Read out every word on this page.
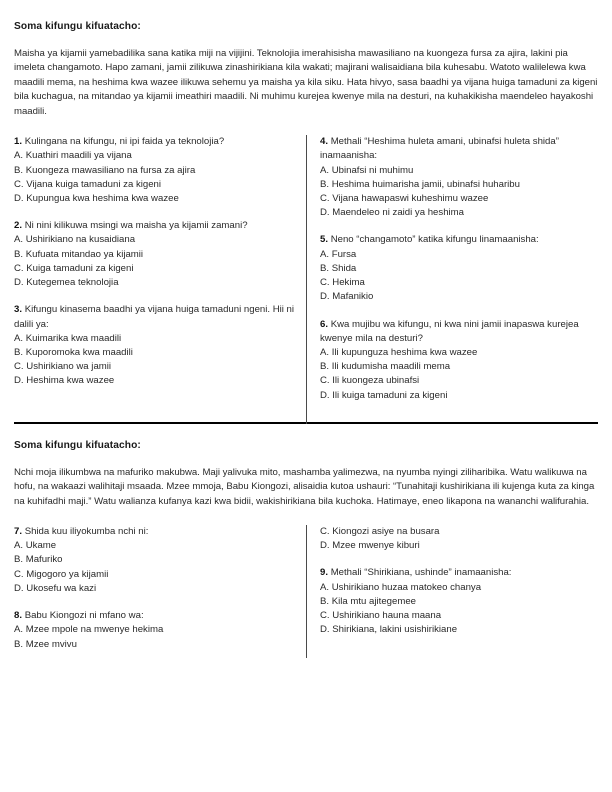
Soma kifungu kifuatacho:

Maisha ya kijamii yamebadilika sana katika miji na vijijini. Teknolojia imerahisisha mawasiliano na kuongeza fursa za ajira, lakini pia imeleta changamoto. Hapo zamani, jamii zilikuwa zinashirikiana kila wakati; majirani walisaidiana bila kuhesabu. Watoto walilelewa kwa maadili mema, na heshima kwa wazee ilikuwa sehemu ya maisha ya kila siku. Hata hivyo, sasa baadhi ya vijana huiga tamaduni za kigeni bila kuchagua, na mitandao ya kijamii imeathiri maadili. Ni muhimu kurejea kwenye mila na desturi, na kuhakikisha maendeleo hayakoshi maadili.

1. Kulingana na kifungu, ni ipi faida ya teknolojia?

A. Kuathiri maadili ya vijana

B. Kuongeza mawasiliano na fursa za ajira

C. Vijana kuiga tamaduni za kigeni

D. Kupungua kwa heshima kwa wazee

2. Ni nini kilikuwa msingi wa maisha ya kijamii zamani?

A. Ushirikiano na kusaidiana

B. Kufuata mitandao ya kijamii

C. Kuiga tamaduni za kigeni

D. Kutegemea teknolojia

3. Kifungu kinasema baadhi ya vijana huiga tamaduni ngeni. Hii ni dalili ya:

A. Kuimarika kwa maadili

B. Kuporomoka kwa maadili

C. Ushirikiano wa jamii

D. Heshima kwa wazee

4. Methali “Heshima huleta amani, ubinafsi huleta shida” inamaanisha:

A. Ubinafsi ni muhimu

B. Heshima huimarisha jamii, ubinafsi huharibu

C. Vijana hawapaswi kuheshimu wazee

D. Maendeleo ni zaidi ya heshima

5. Neno “changamoto” katika kifungu linamaanisha:

A. Fursa

B. Shida

C. Hekima

D. Mafanikio

6. Kwa mujibu wa kifungu, ni kwa nini jamii inapaswa kurejea kwenye mila na desturi?

A. Ili kupunguza heshima kwa wazee

B. Ili kudumisha maadili mema

C. Ili kuongeza ubinafsi

D. Ili kuiga tamaduni za kigeni

Soma kifungu kifuatacho:

Nchi moja ilikumbwa na mafuriko makubwa. Maji yalivuka mito, mashamba yalimezwa, na nyumba nyingi ziliharibika. Watu walikuwa na hofu, na wakaazi walihitaji msaada. Mzee mmoja, Babu Kiongozi, alisaidia kutoa ushauri: “Tunahitaji kushirikiana ili kujenga kuta za kinga na kuhifadhi maji.” Watu walianza kufanya kazi kwa bidii, wakishirikiana bila kuchoka. Hatimaye, eneo likapona na wananchi walifurahia.

7. Shida kuu iliyokumba nchi ni:

A. Ukame

B. Mafuriko

C. Migogoro ya kijamii

D. Ukosefu wa kazi

8. Babu Kiongozi ni mfano wa:

A. Mzee mpole na mwenye hekima

B. Mzee mvivu

C. Kiongozi asiye na busara

D. Mzee mwenye kiburi

9. Methali “Shirikiana, ushinde” inamaanisha:

A. Ushirikiano huzaa matokeo chanya

B. Kila mtu ajitegemee

C. Ushirikiano hauna maana

D. Shirikiana, lakini usishirikiane
